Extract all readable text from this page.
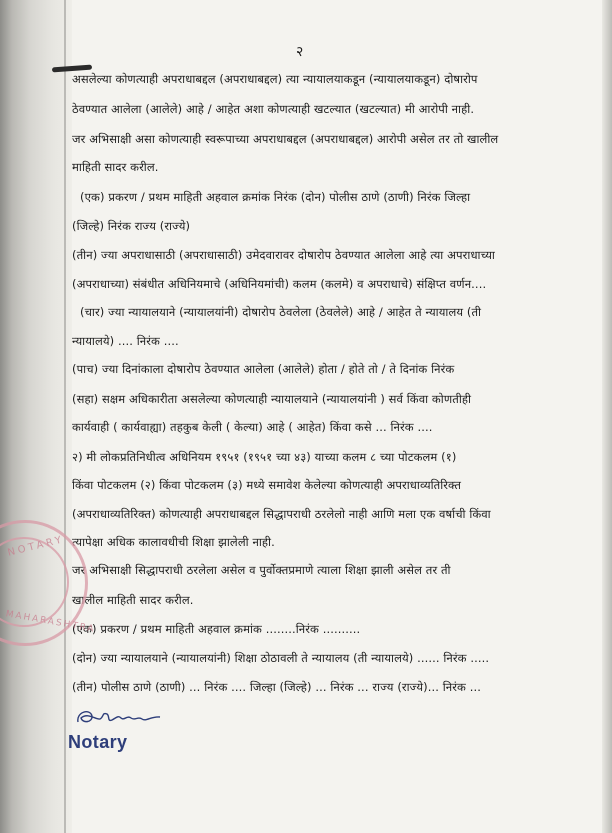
२
असलेल्या कोणत्याही अपराधाबद्दल (अपराधाबद्दल) त्या न्यायालयाकडून (न्यायालयाकडून) दोषारोप
ठेवण्यात आलेला (आलेले) आहे / आहेत अशा कोणत्याही खटल्यात (खटल्यात) मी आरोपी नाही.
जर अभिसाक्षी असा कोणत्याही स्वरूपाच्या अपराधाबद्दल (अपराधाबद्दल) आरोपी असेल तर तो खालील
माहिती सादर करील.
(एक) प्रकरण / प्रथम माहिती अहवाल क्रमांक निरंक (दोन) पोलीस ठाणे (ठाणी) निरंक जिल्हा
(जिल्हे) निरंक राज्य (राज्ये)
(तीन) ज्या अपराधासाठी (अपराधासाठी) उमेदवारावर दोषारोप ठेवण्यात आलेला आहे त्या अपराधाच्या
(अपराधाच्या) संबंधीत अधिनियमाचे (अधिनियमांची) कलम (कलमे) व अपराधाचे) संक्षिप्त वर्णन....
(चार) ज्या न्यायालयाने (न्यायालयांनी) दोषारोप ठेवलेला (ठेवलेले) आहे / आहेत ते न्यायालय (ती
न्यायालये) .... निरंक ....
(पाच) ज्या दिनांकाला दोषारोप ठेवण्यात आलेला (आलेले) होता / होते तो / ते दिनांक निरंक
(सहा) सक्षम अधिकारीता असलेल्या कोणत्याही न्यायालयाने (न्यायालयांनी ) सर्व किंवा कोणतीही
कार्यवाही ( कार्यवाह्या) तहकुब केली ( केल्या) आहे ( आहेत) किंवा कसे ... निरंक ....
२) मी लोकप्रतिनिधीत्व अधिनियम १९५१ (१९५१ च्या ४३) याच्या कलम ८ च्या पोटकलम (१)
किंवा पोटकलम (२) किंवा पोटकलम (३) मध्ये समावेश केलेल्या कोणत्याही अपराधाव्यतिरिक्त
(अपराधाव्यतिरिक्त) कोणत्याही अपराधाबद्दल सिद्धापराधी ठरलेलो नाही आणि मला एक वर्षाची किंवा
त्यापेक्षा अधिक कालावधीची शिक्षा झालेली नाही.
जर अभिसाक्षी सिद्धापराधी ठरलेला असेल व पुर्वोक्तप्रमाणे त्याला शिक्षा झाली असेल तर ती
खालील माहिती सादर करील.
(एक) प्रकरण / प्रथम माहिती अहवाल क्रमांक ........निरंक ..........
(दोन) ज्या न्यायालयाने (न्यायालयांनी) शिक्षा ठोठावली ते न्यायालय (ती न्यायालये) ...... निरंक .....
(तीन) पोलीस ठाणे (ठाणी) ... निरंक .... जिल्हा (जिल्हे) ... निरंक ... राज्य (राज्ये)... निरंक ...
NOTARY
MAHARASHTRA
Notary
